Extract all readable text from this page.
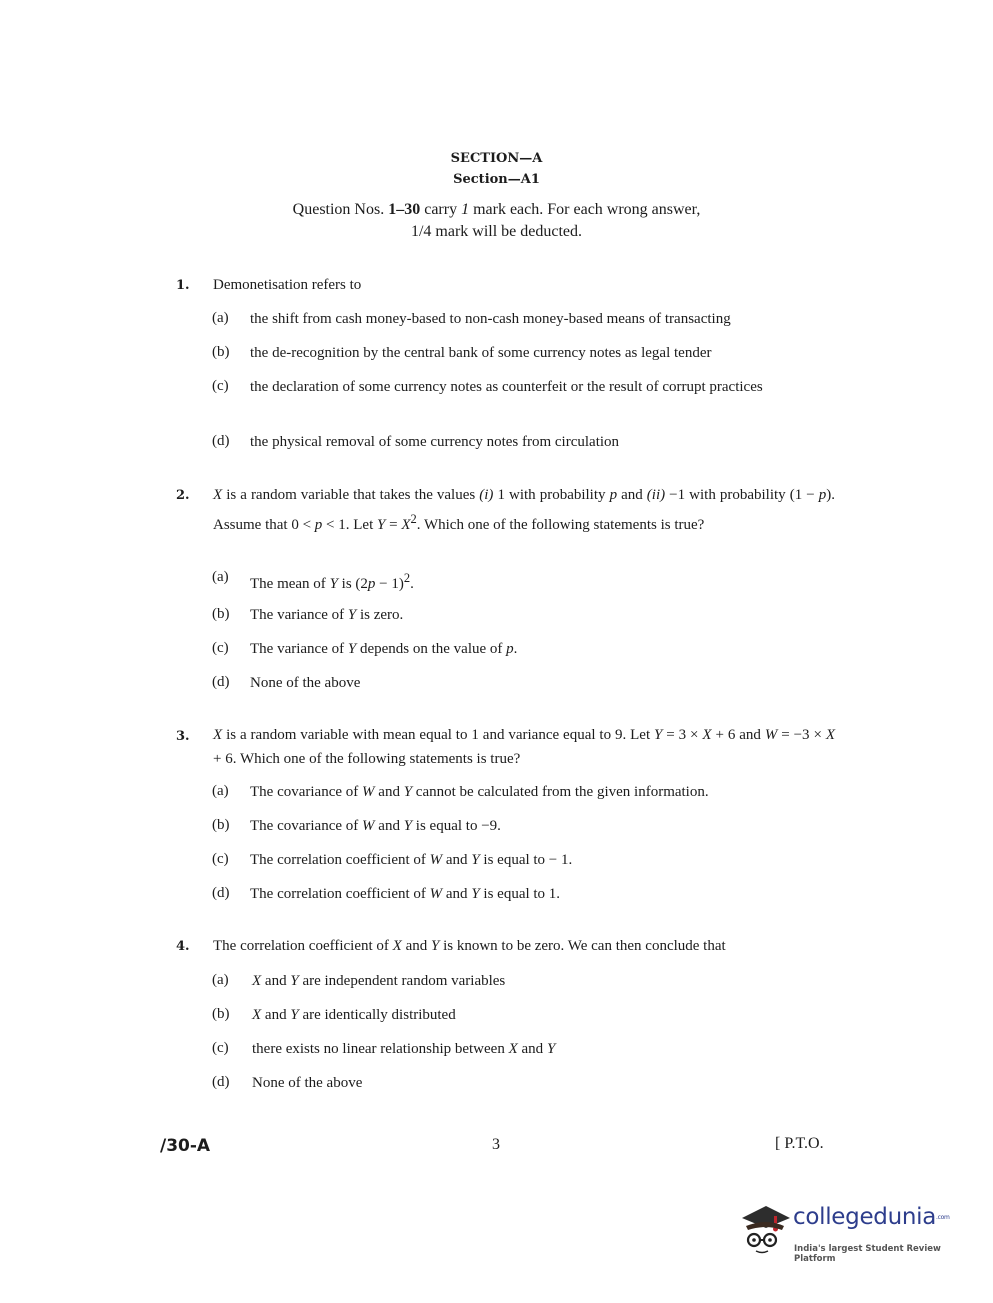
SECTION—A
Section—A1
Question Nos. 1–30 carry 1 mark each. For each wrong answer,
1/4 mark will be deducted.
1. Demonetisation refers to
(a) the shift from cash money-based to non-cash money-based means of transacting
(b) the de-recognition by the central bank of some currency notes as legal tender
(c) the declaration of some currency notes as counterfeit or the result of corrupt practices
(d) the physical removal of some currency notes from circulation
2. X is a random variable that takes the values (i) 1 with probability p and (ii) −1 with probability (1 − p). Assume that 0 < p < 1. Let $Y = X^2$. Which one of the following statements is true?
(a) The mean of Y is $(2p - 1)^2$.
(b) The variance of Y is zero.
(c) The variance of Y depends on the value of p.
(d) None of the above
3. X is a random variable with mean equal to 1 and variance equal to 9. Let Y = 3 × X + 6 and W = −3 × X + 6. Which one of the following statements is true?
(a) The covariance of W and Y cannot be calculated from the given information.
(b) The covariance of W and Y is equal to −9.
(c) The correlation coefficient of W and Y is equal to − 1.
(d) The correlation coefficient of W and Y is equal to 1.
4. The correlation coefficient of X and Y is known to be zero. We can then conclude that
(a) X and Y are independent random variables
(b) X and Y are identically distributed
(c) there exists no linear relationship between X and Y
(d) None of the above
/30-A	3	[ P.T.O.
collegedunia.com
India's largest Student Review Platform
